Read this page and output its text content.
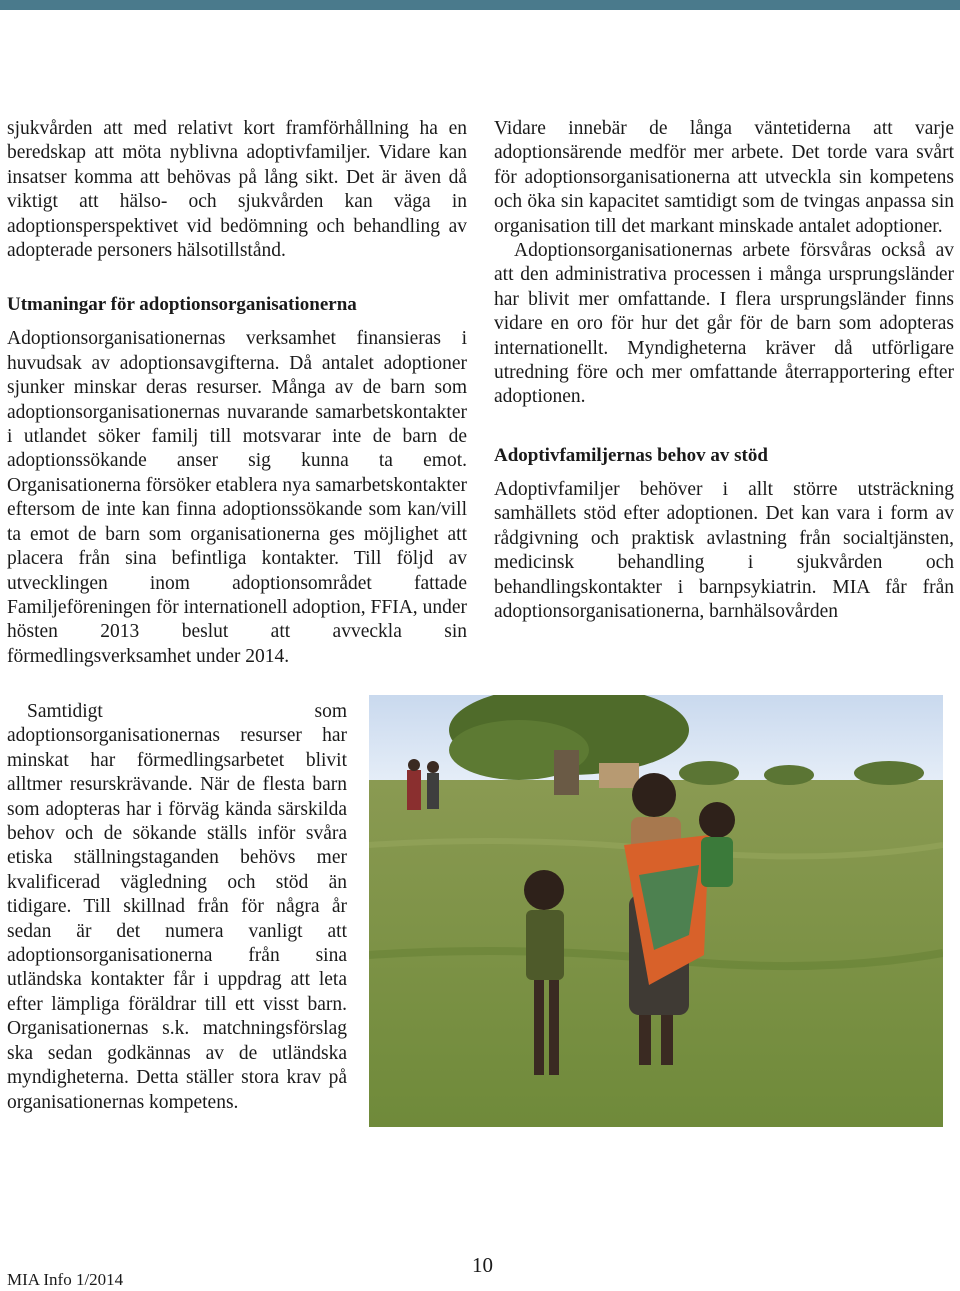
sjukvården att med relativt kort framförhållning ha en beredskap att möta nyblivna adoptivfamiljer. Vidare kan insatser komma att behövas på lång sikt. Det är även då viktigt att hälso- och sjukvården kan väga in adoptionsperspektivet vid bedömning och behandling av adopterade personers hälsotillstånd.

Utmaningar för adoptionsorganisationerna

Adoptionsorganisationernas verksamhet finansieras i huvudsak av adoptionsavgifterna. Då antalet adoptioner sjunker minskar deras resurser. Många av de barn som adoptionsorganisationernas nuvarande samarbetskontakter i utlandet söker familj till motsvarar inte de barn de adoptionssökande anser sig kunna ta emot. Organisationerna försöker etablera nya samarbetskontakter eftersom de inte kan finna adoptionssökande som kan/vill ta emot de barn som organisationerna ges möjlighet att placera från sina befintliga kontakter. Till följd av utvecklingen inom adoptionsområdet fattade Familjeföreningen för internationell adoption, FFIA, under hösten 2013 beslut att avveckla sin förmedlingsverksamhet under 2014.

Samtidigt som adoptionsorganisationernas resurser har minskat har förmedlingsarbetet blivit alltmer resurskrävande. När de flesta barn som adopteras har i förväg kända särskilda behov och de sökande ställs inför svåra etiska ställningstaganden behövs mer kvalificerad vägledning och stöd än tidigare. Till skillnad från för några år sedan är det numera vanligt att adoptionsorganisationerna från sina utländska kontakter får i uppdrag att leta efter lämpliga föräldrar till ett visst barn. Organisationernas s.k. matchningsförslag ska sedan godkännas av de utländska myndigheterna. Detta ställer stora krav på organisationernas kompetens.

Vidare innebär de långa väntetiderna att varje adoptionsärende medför mer arbete. Det torde vara svårt för adoptionsorganisationerna att utveckla sin kompetens och öka sin kapacitet samtidigt som de tvingas anpassa sin organisation till det markant minskade antalet adoptioner.

Adoptionsorganisationernas arbete försvåras också av att den administrativa processen i många ursprungsländer har blivit mer omfattande. I flera ursprungsländer finns vidare en oro för hur det går för de barn som adopteras internationellt. Myndigheterna kräver då utförligare utredning före och mer omfattande återrapportering efter adoptionen.

Adoptivfamiljernas behov av stöd

Adoptivfamiljer behöver i allt större utsträckning samhällets stöd efter adoptionen. Det kan vara i form av rådgivning och praktisk avlastning från socialtjänsten, medicinsk behandling i sjukvården och behandlingskontakter i barnpsykiatrin. MIA får från adoptionsorganisationerna, barnhälsovården

MIA Info 1/2014
10
